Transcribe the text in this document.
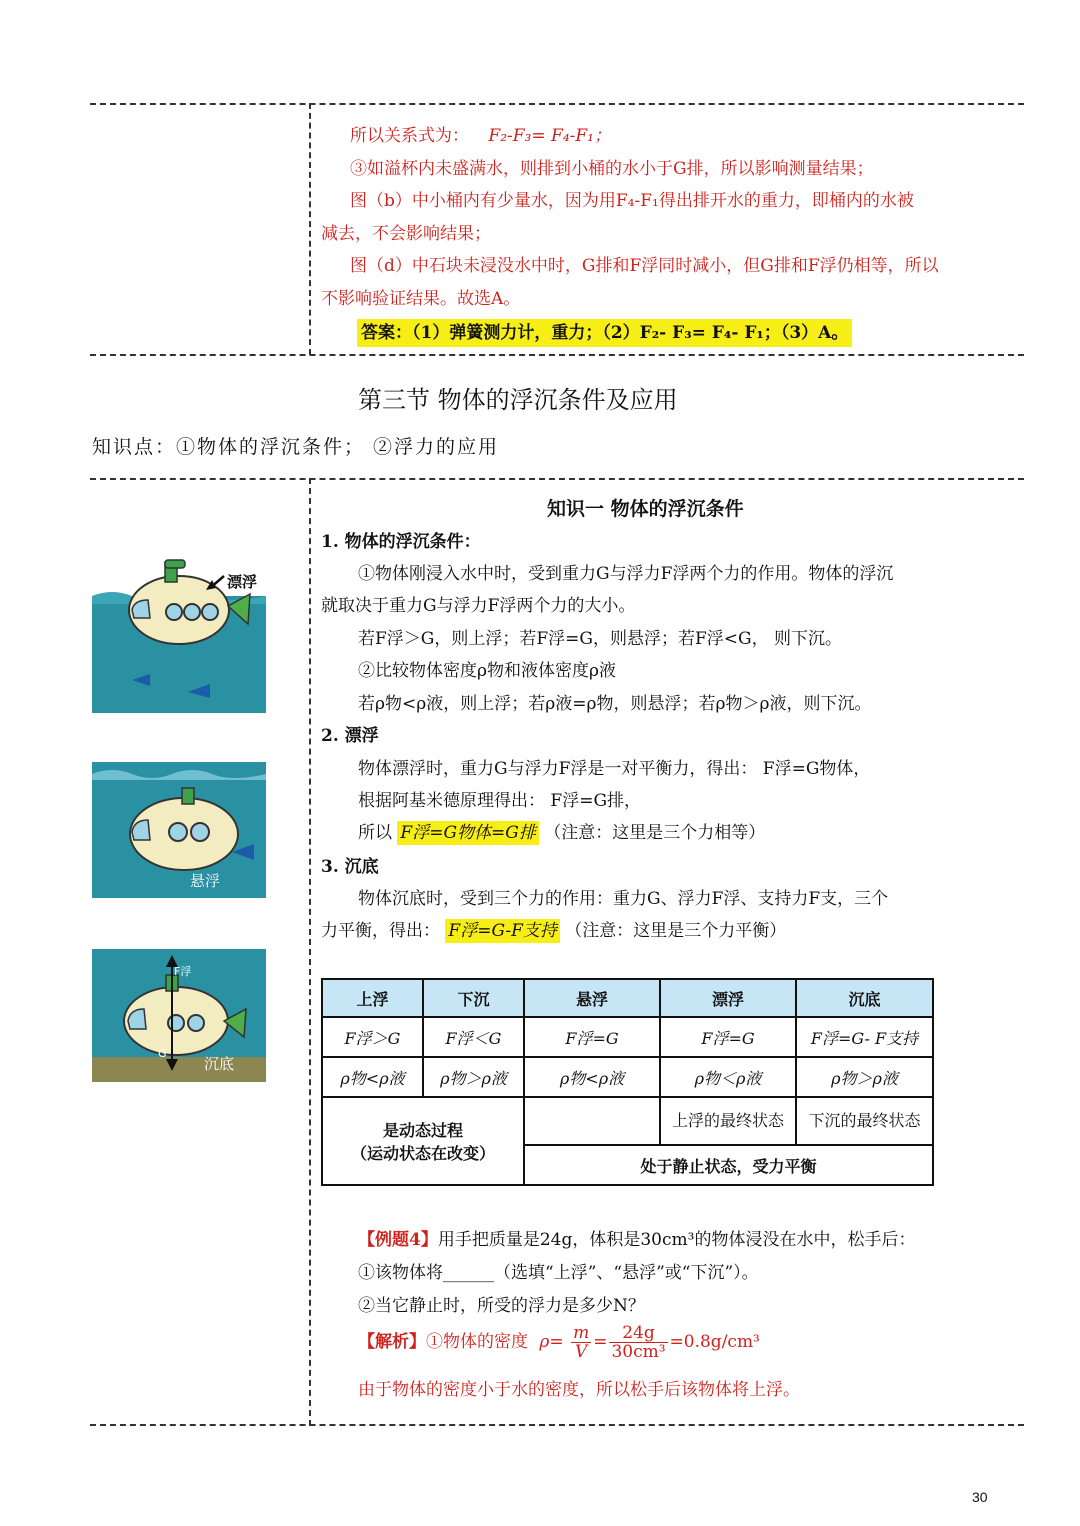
所以关系式为： F₂-F₃= F₄-F₁；
③如溢杯内未盛满水，则排到小桶的水小于G排，所以影响测量结果；
图（b）中小桶内有少量水，因为用F₄-F₁得出排开水的重力，即桶内的水被
减去，不会影响结果；
图（d）中石块未浸没水中时，G排和F浮同时减小，但G排和F浮仍相等，所以
不影响验证结果。故选A。
答案：（1）弹簧测力计，重力；（2）F₂- F₃= F₄- F₁；（3）A。
第三节 物体的浮沉条件及应用
知识点：①物体的浮沉条件； ②浮力的应用
知识一 物体的浮沉条件
1. 物体的浮沉条件：
①物体刚浸入水中时，受到重力G与浮力F浮两个力的作用。物体的浮沉
就取决于重力G与浮力F浮两个力的大小。
若F浮＞G，则上浮；若F浮=G，则悬浮；若F浮<G， 则下沉。
②比较物体密度ρ物和液体密度ρ液
若ρ物<ρ液，则上浮；若ρ液=ρ物，则悬浮；若ρ物＞ρ液，则下沉。
2. 漂浮
物体漂浮时，重力G与浮力F浮是一对平衡力，得出： F浮=G物体，
根据阿基米德原理得出： F浮=G排，
所以 F浮=G物体=G排 （注意：这里是三个力相等）
3. 沉底
物体沉底时，受到三个力的作用：重力G、浮力F浮、支持力F支，三个
力平衡，得出： F浮=G-F支持 （注意：这里是三个力平衡）
漂浮
悬浮
F浮
G
沉底
上浮	下沉	悬浮	漂浮	沉底
F浮＞G	F浮＜G	F浮=G	F浮=G	F浮=G- F支持
ρ物<ρ液	ρ物＞ρ液	ρ物<ρ液	ρ物＜ρ液	ρ物＞ρ液

是动态过程
（运动状态在改变）			上浮的最终状态	下沉的最终状态
		处于静止状态，受力平衡		
【例题4】用手把质量是24g，体积是30cm³的物体浸没在水中，松手后：
①该物体将______（选填“上浮”、“悬浮”或“下沉”）。
②当它静止时，所受的浮力是多少N？
【解析】①物体的密度 $\rho= \frac{m}{V} = \frac{24g}{\text{30cm³}} =0.8g/cm^3$
由于物体的密度小于水的密度，所以松手后该物体将上浮。
30
